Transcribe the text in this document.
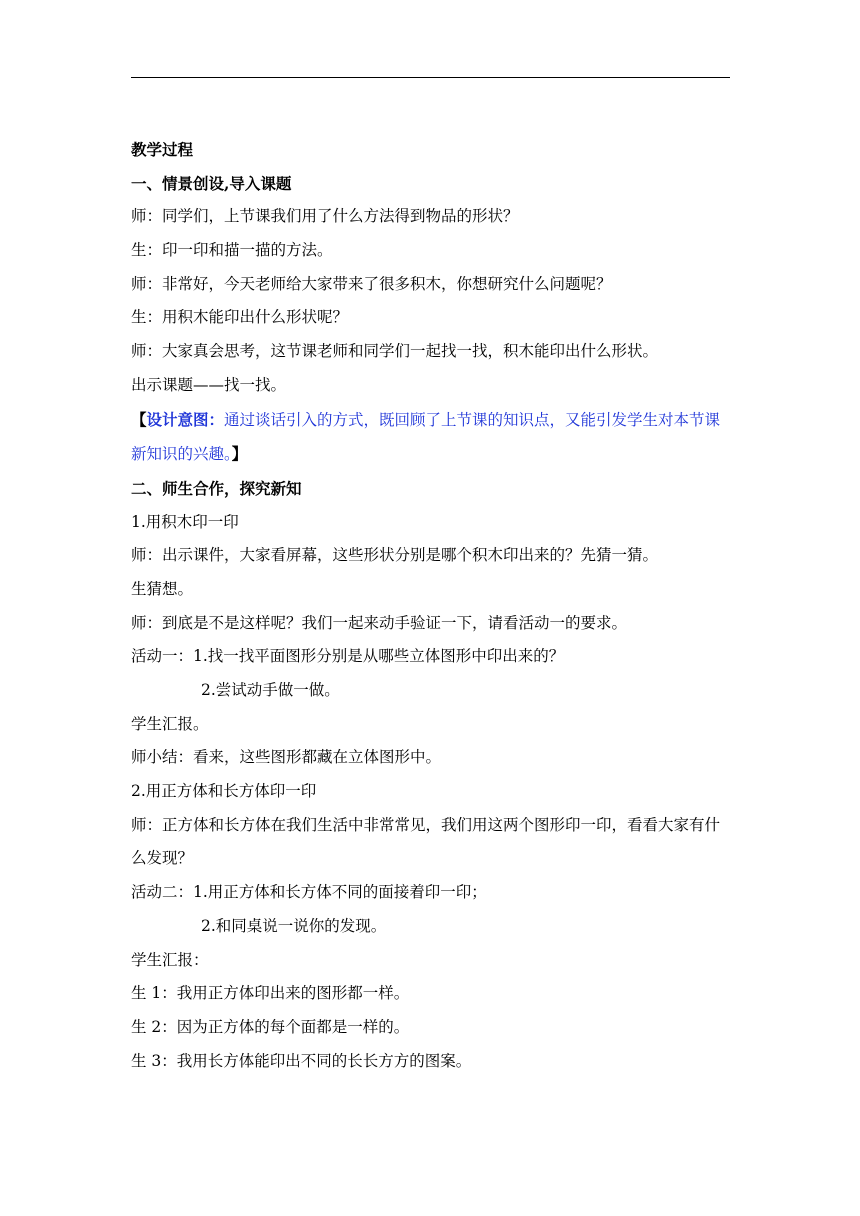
教学过程
一、情景创设,导入课题
师：同学们，上节课我们用了什么方法得到物品的形状？
生：印一印和描一描的方法。
师：非常好，今天老师给大家带来了很多积木，你想研究什么问题呢？
生：用积木能印出什么形状呢？
师：大家真会思考，这节课老师和同学们一起找一找，积木能印出什么形状。
出示课题——找一找。
【设计意图：通过谈话引入的方式，既回顾了上节课的知识点，又能引发学生对本节课新知识的兴趣。】
二、师生合作，探究新知
1.用积木印一印
师：出示课件，大家看屏幕，这些形状分别是哪个积木印出来的？先猜一猜。
生猜想。
师：到底是不是这样呢？我们一起来动手验证一下，请看活动一的要求。
活动一：1.找一找平面图形分别是从哪些立体图形中印出来的？
2.尝试动手做一做。
学生汇报。
师小结：看来，这些图形都藏在立体图形中。
2.用正方体和长方体印一印
师：正方体和长方体在我们生活中非常常见，我们用这两个图形印一印，看看大家有什么发现？
活动二：1.用正方体和长方体不同的面接着印一印；
2.和同桌说一说你的发现。
学生汇报：
生 1：我用正方体印出来的图形都一样。
生 2：因为正方体的每个面都是一样的。
生 3：我用长方体能印出不同的长长方方的图案。
